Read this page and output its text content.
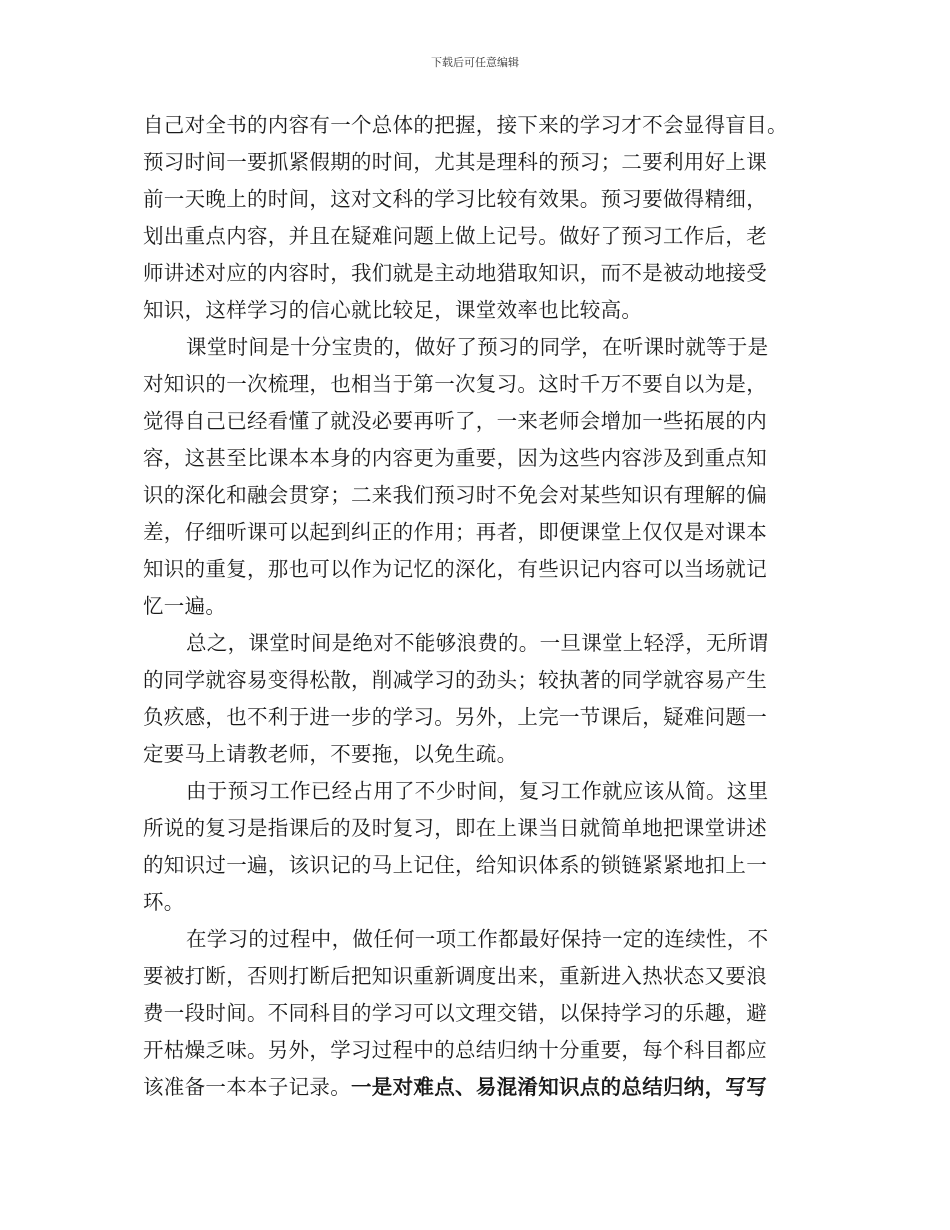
下载后可任意编辑
自己对全书的内容有一个总体的把握，接下来的学习才不会显得盲目。
预习时间一要抓紧假期的时间，尤其是理科的预习；二要利用好上课
前一天晚上的时间，这对文科的学习比较有效果。预习要做得精细，
划出重点内容，并且在疑难问题上做上记号。做好了预习工作后，老
师讲述对应的内容时，我们就是主动地猎取知识，而不是被动地接受
知识，这样学习的信心就比较足，课堂效率也比较高。
课堂时间是十分宝贵的，做好了预习的同学，在听课时就等于是
对知识的一次梳理，也相当于第一次复习。这时千万不要自以为是，
觉得自己已经看懂了就没必要再听了，一来老师会增加一些拓展的内
容，这甚至比课本本身的内容更为重要，因为这些内容涉及到重点知
识的深化和融会贯穿；二来我们预习时不免会对某些知识有理解的偏
差，仔细听课可以起到纠正的作用；再者，即便课堂上仅仅是对课本
知识的重复，那也可以作为记忆的深化，有些识记内容可以当场就记
忆一遍。
总之，课堂时间是绝对不能够浪费的。一旦课堂上轻浮，无所谓
的同学就容易变得松散，削减学习的劲头；较执著的同学就容易产生
负疚感，也不利于进一步的学习。另外，上完一节课后，疑难问题一
定要马上请教老师，不要拖，以免生疏。
由于预习工作已经占用了不少时间，复习工作就应该从简。这里
所说的复习是指课后的及时复习，即在上课当日就简单地把课堂讲述
的知识过一遍，该识记的马上记住，给知识体系的锁链紧紧地扣上一
环。
在学习的过程中，做任何一项工作都最好保持一定的连续性，不
要被打断，否则打断后把知识重新调度出来，重新进入热状态又要浪
费一段时间。不同科目的学习可以文理交错，以保持学习的乐趣，避
开枯燥乏味。另外，学习过程中的总结归纳十分重要，每个科目都应
该准备一本本子记录。一是对难点、易混淆知识点的总结归纳，写写
